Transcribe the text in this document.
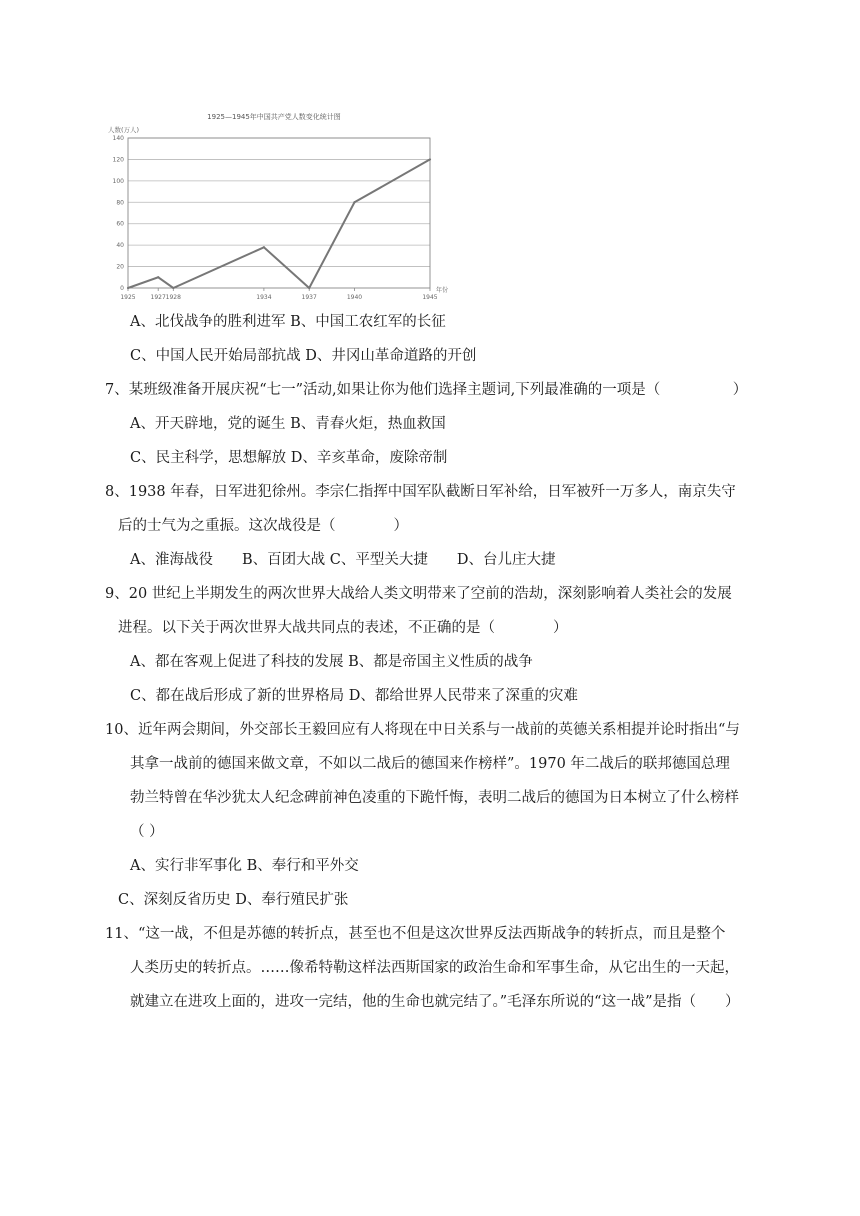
1925—1945年中国共产党人数变化统计图
人数(万人)
0
20
40
60
80
100
120
140
1925 1927 1928	1934	1937	1940	1945
年份
A、北伐战争的胜利进军 B、中国工农红军的长征
C、中国人民开始局部抗战 D、井冈山革命道路的开创
7、某班级准备开展庆祝“七一”活动,如果让你为他们选择主题词,下列最准确的一项是（　　　　　）
A、开天辟地，党的诞生 B、青春火炬，热血救国
C、民主科学，思想解放 D、辛亥革命，废除帝制
8、1938 年春，日军进犯徐州。李宗仁指挥中国军队截断日军补给，日军被歼一万多人，南京失守
后的士气为之重振。这次战役是（　　　　）
A、淮海战役　　B、百团大战 C、平型关大捷　　D、台儿庄大捷
9、20 世纪上半期发生的两次世界大战给人类文明带来了空前的浩劫，深刻影响着人类社会的发展
进程。以下关于两次世界大战共同点的表述，不正确的是（　　　　）
A、都在客观上促进了科技的发展 B、都是帝国主义性质的战争
C、都在战后形成了新的世界格局 D、都给世界人民带来了深重的灾难
10、近年两会期间，外交部长王毅回应有人将现在中日关系与一战前的英德关系相提并论时指出“与
其拿一战前的德国来做文章，不如以二战后的德国来作榜样”。1970 年二战后的联邦德国总理
勃兰特曾在华沙犹太人纪念碑前神色凌重的下跪忏悔，表明二战后的德国为日本树立了什么榜样
（ ）
A、实行非军事化 B、奉行和平外交
C、深刻反省历史 D、奉行殖民扩张
11、“这一战，不但是苏德的转折点，甚至也不但是这次世界反法西斯战争的转折点，而且是整个
人类历史的转折点。……像希特勒这样法西斯国家的政治生命和军事生命，从它出生的一天起，
就建立在进攻上面的，进攻一完结，他的生命也就完结了。”毛泽东所说的“这一战”是指（　　）
